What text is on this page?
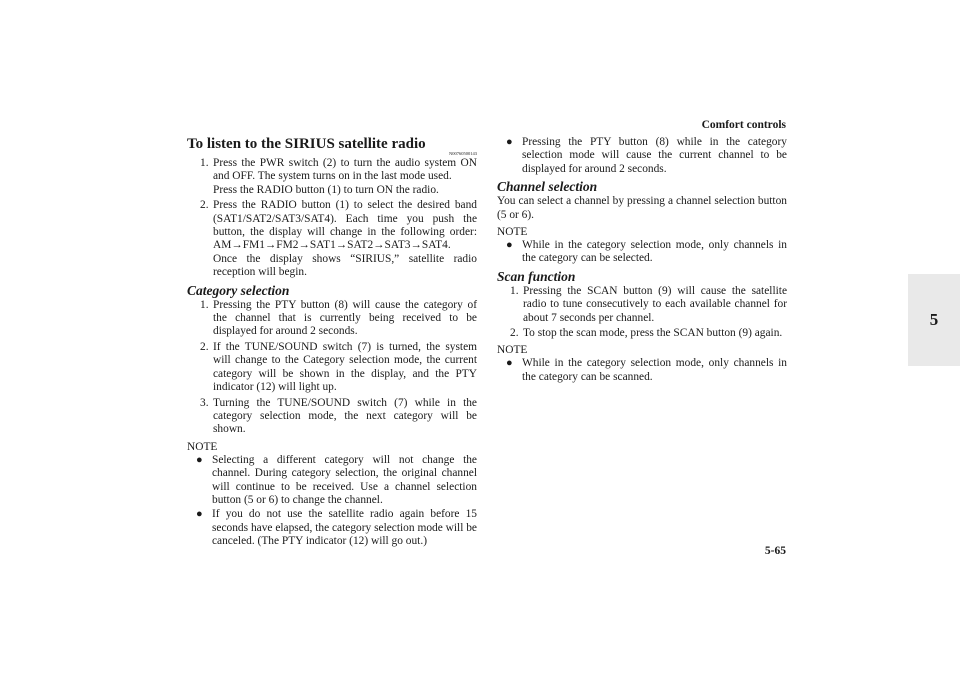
Comfort controls
5
To listen to the SIRIUS satellite radio
N00760500143
1. Press the PWR switch (2) to turn the audio system ON and OFF. The system turns on in the last mode used.
Press the RADIO button (1) to turn ON the radio.
2. Press the RADIO button (1) to select the desired band (SAT1/SAT2/SAT3/SAT4). Each time you push the button, the display will change in the following order: AM→FM1→FM2→SAT1→SAT2→SAT3→SAT4.
Once the display shows “SIRIUS,” satellite radio reception will begin.
Category selection
1. Pressing the PTY button (8) will cause the category of the channel that is currently being received to be displayed for around 2 seconds.
2. If the TUNE/SOUND switch (7) is turned, the system will change to the Category selection mode, the current category will be shown in the display, and the PTY indicator (12) will light up.
3. Turning the TUNE/SOUND switch (7) while in the category selection mode, the next category will be shown.
NOTE
● Selecting a different category will not change the channel. During category selection, the original channel will continue to be received. Use a channel selection button (5 or 6) to change the channel.
● If you do not use the satellite radio again before 15 seconds have elapsed, the category selection mode will be canceled. (The PTY indicator (12) will go out.)
● Pressing the PTY button (8) while in the category selection mode will cause the current channel to be displayed for around 2 seconds.
Channel selection

You can select a channel by pressing a channel selection button (5 or 6).

NOTE
● While in the category selection mode, only channels in the category can be selected.
Scan function
1. Pressing the SCAN button (9) will cause the satellite radio to tune consecutively to each available channel for about 7 seconds per channel.
2. To stop the scan mode, press the SCAN button (9) again.
NOTE
● While in the category selection mode, only channels in the category can be scanned.
5-65
